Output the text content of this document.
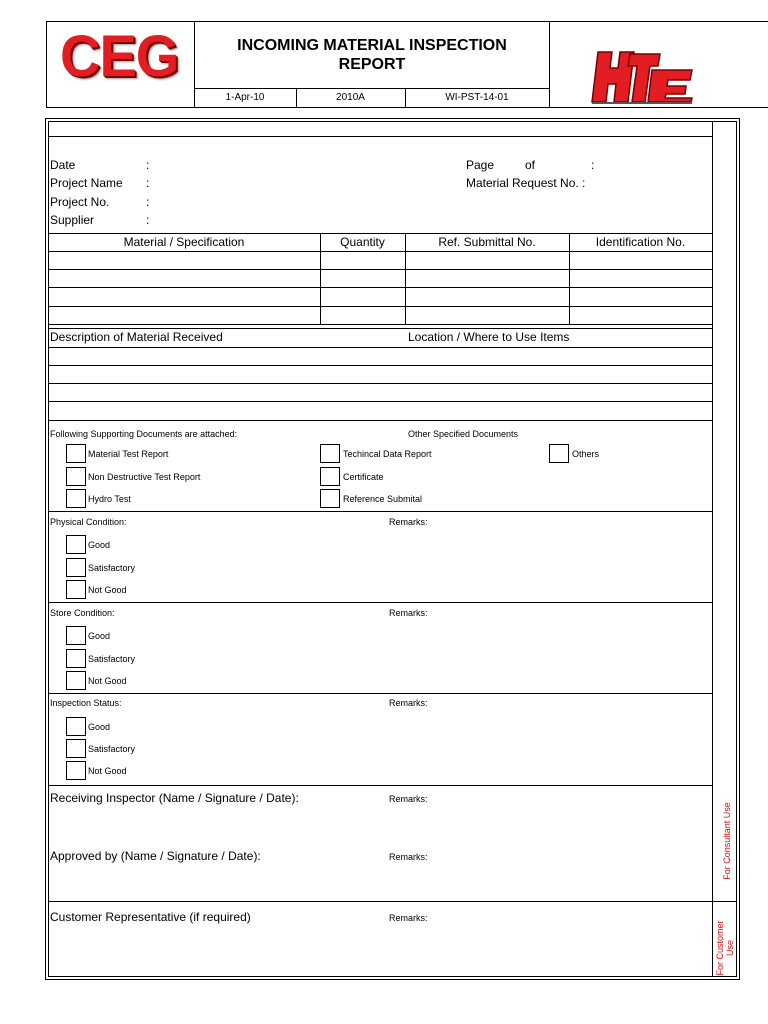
CEG	INCOMING MATERIAL INSPECTION
REPORT
1-Apr-10	2010A	WI-PST-14-01
HTE
Date	:
Project Name :
Project No.	:
Supplier	:
Page	of	:
Material Request No. :
Material / Specification	Quantity	Ref. Submittal No.	Identification No.
Description of Material Received	Location / Where to Use Items
Following Supporting Documents are attached:	Other Specified Documents
Material Test Report
Non Destructive Test Report
Hydro Test
Techincal Data Report
Certificate
Reference Submital
Others
Physical Condition:	Remarks:
Good
Satisfactory
Not Good
Store Condition:	Remarks:
Good
Satisfactory
Not Good
Inspection Status:	Remarks:
Good
Satisfactory
Not Good
Receiving Inspector (Name / Signature / Date):	Remarks:
Approved by (Name / Signature / Date):	Remarks:
Customer Representative (if required)	Remarks:
For Consultant Use
For Customer Use
